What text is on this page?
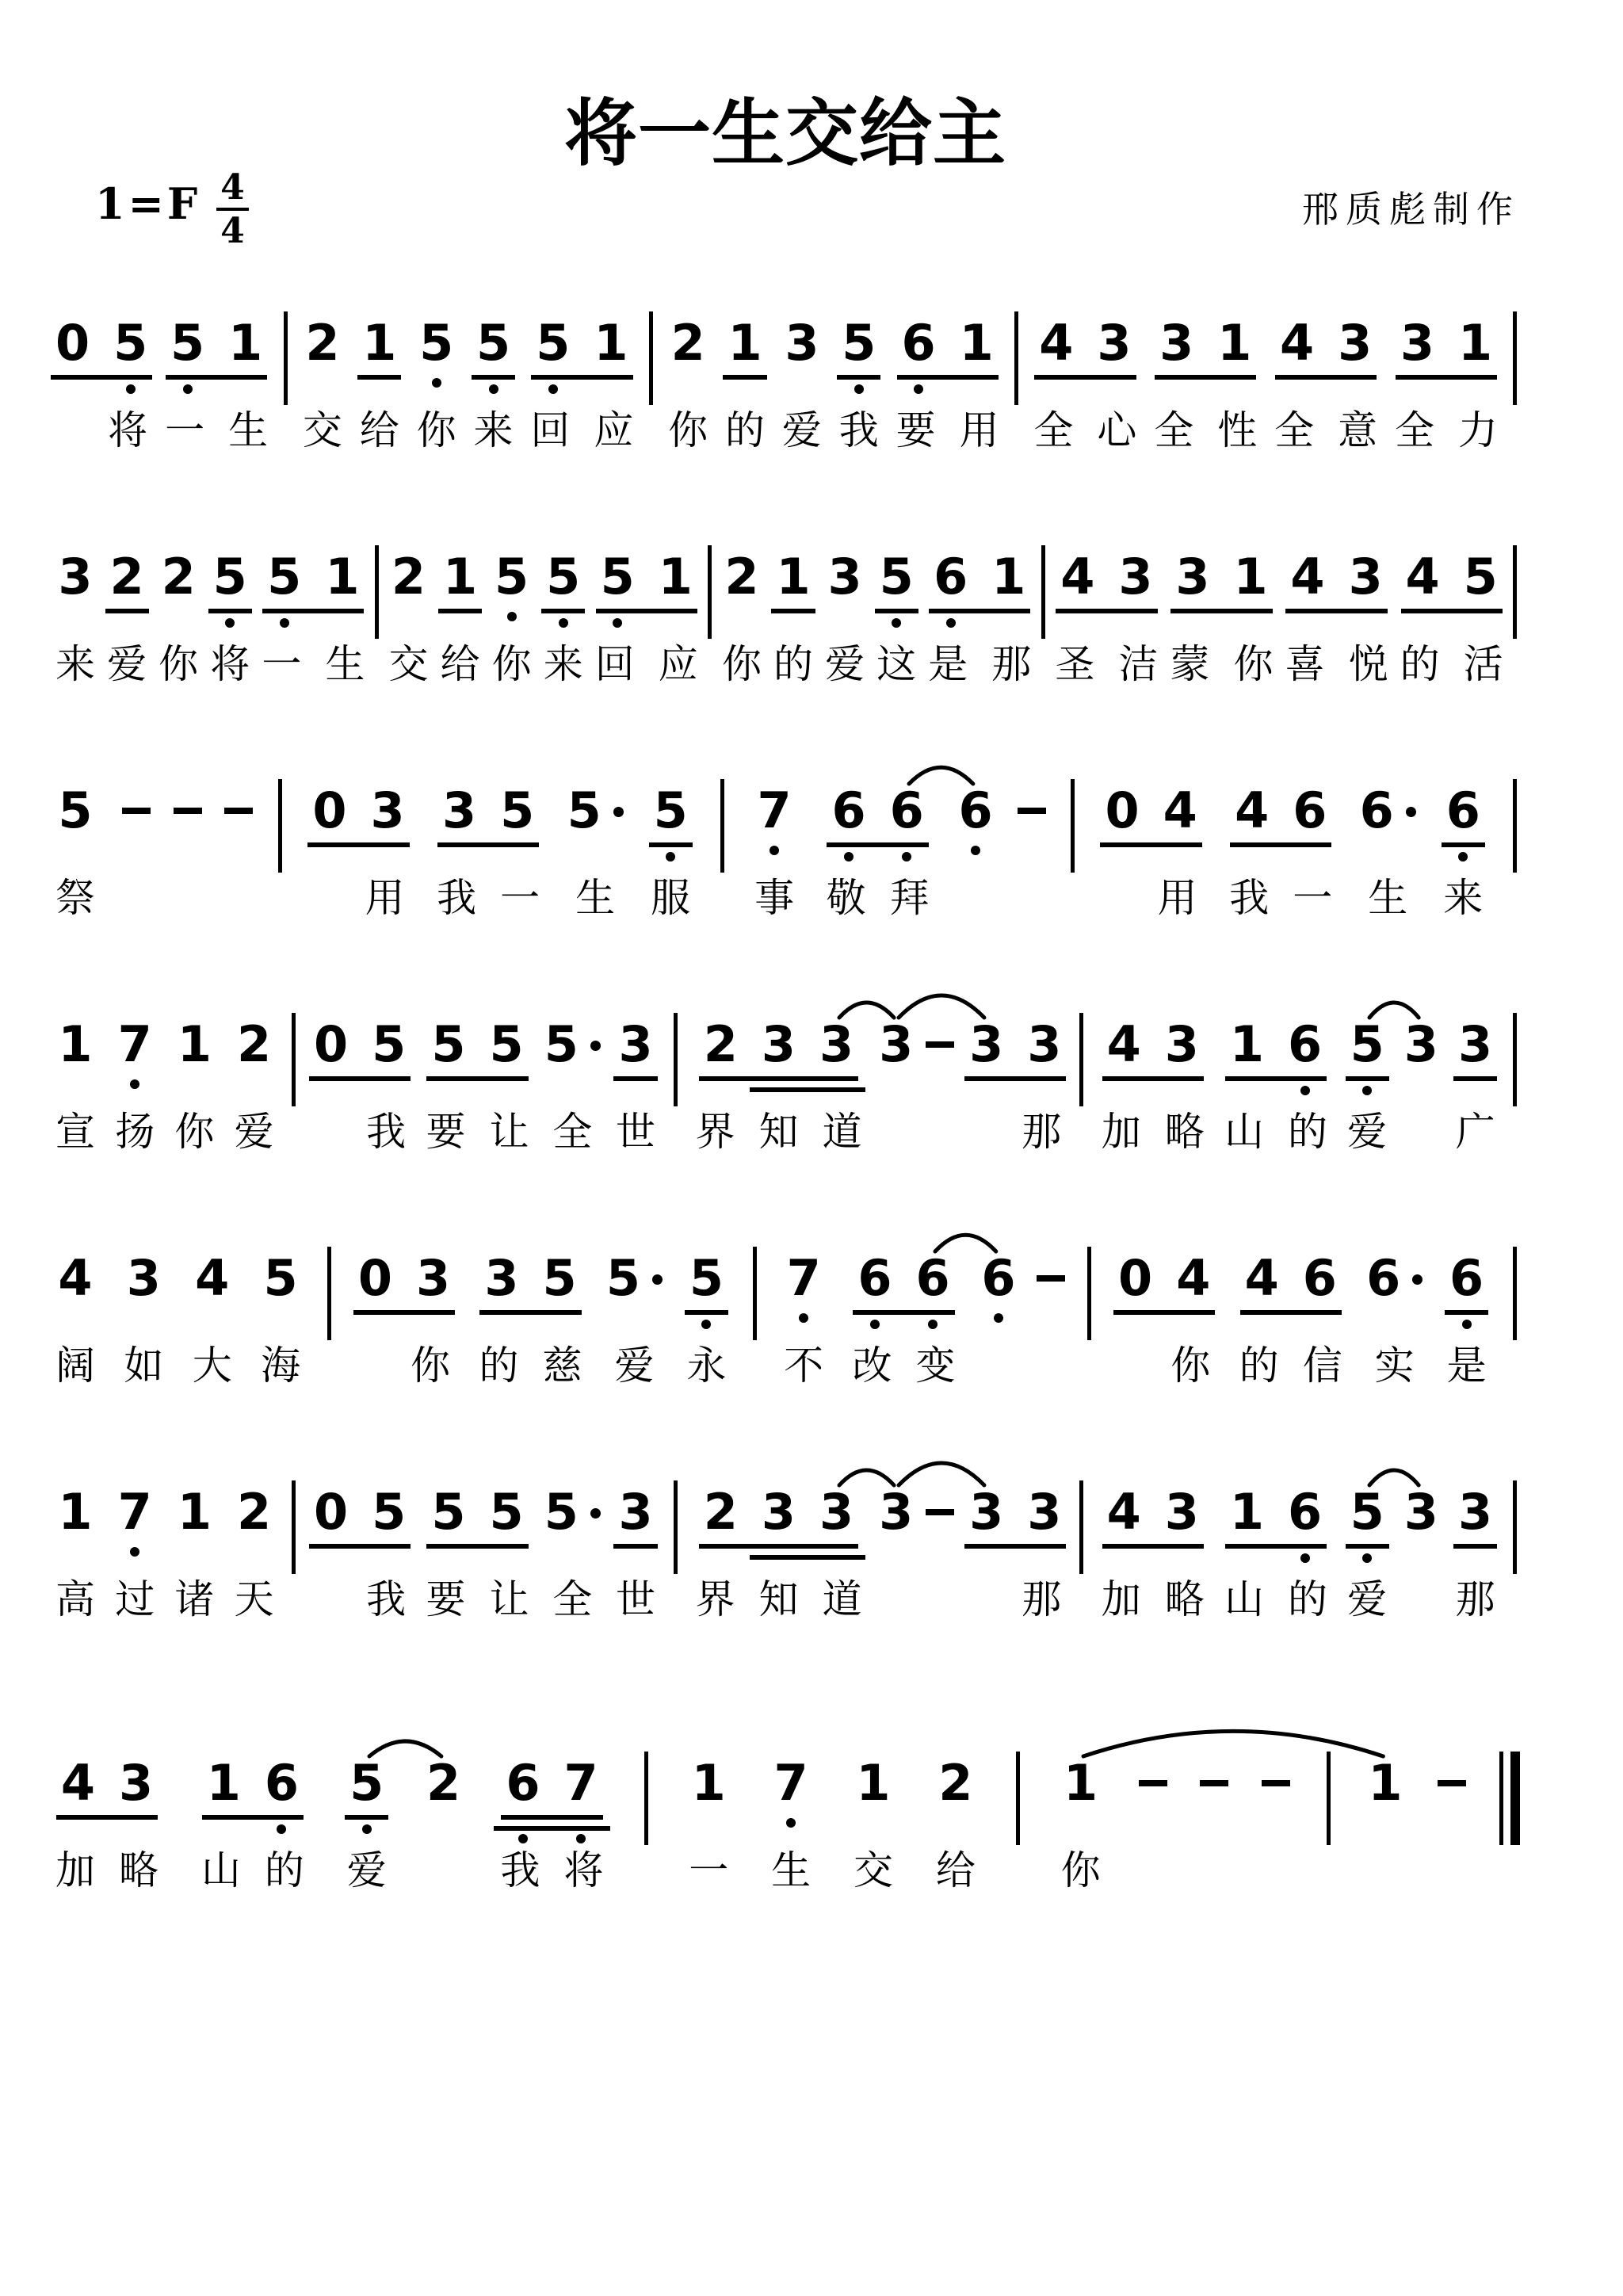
将一生交给主
$1=F \frac{4}{4}$	邢质彪制作
0 5
将
5 1
一 生
2
交
1
给
5
你
5
来
5 1
回 应
2
你
1
的
3
爱
5
我
6 1
要 用
4 3
全 心
3 1
全 性
4 3
全 意
3 1
全 力
3
来
2
爱
2
你
5
将
5 1
一 生
2
交
1
给
5
你
5
来
5 1
回 应
2
你
1
的
3
爱
5
这
6 1
是 那
4 3
圣 洁
3 1
蒙 你
4 3
喜 悦
4 5
的 活
5
祭
0 3
用
3 5
我 一
5
生
5
服
7
事
6 6
敬 拜
6 0 4
用
4 6
我 一
6
生
6
来
1
宣
7
扬
1
你
2
爱
0 5
我
5 5
要 让
5
全
3
世
2 3 3
界 知 道
3 3 3
那
4 3
加 略
1 6
山 的
5
爱
3 3
广
4
阔
3
如
4
大
5
海
0 3
你
3 5
的 慈
5
爱
5
永
7
不
6 6
改 变
6 0 4
你
4 6
的 信
6
实
6
是
1
高
7
过
1
诸
2
天
0 5
我
5 5
要 让
5
全
3
世
2 3 3
界 知 道
3 3 3
那
4 3
加 略
1 6
山 的
5
爱
3 3
那
4 3
加 略
1 6
山 的
5
爱
2 6 7
我 将
1
一
7
生
1
交
2
给
1
你
1
